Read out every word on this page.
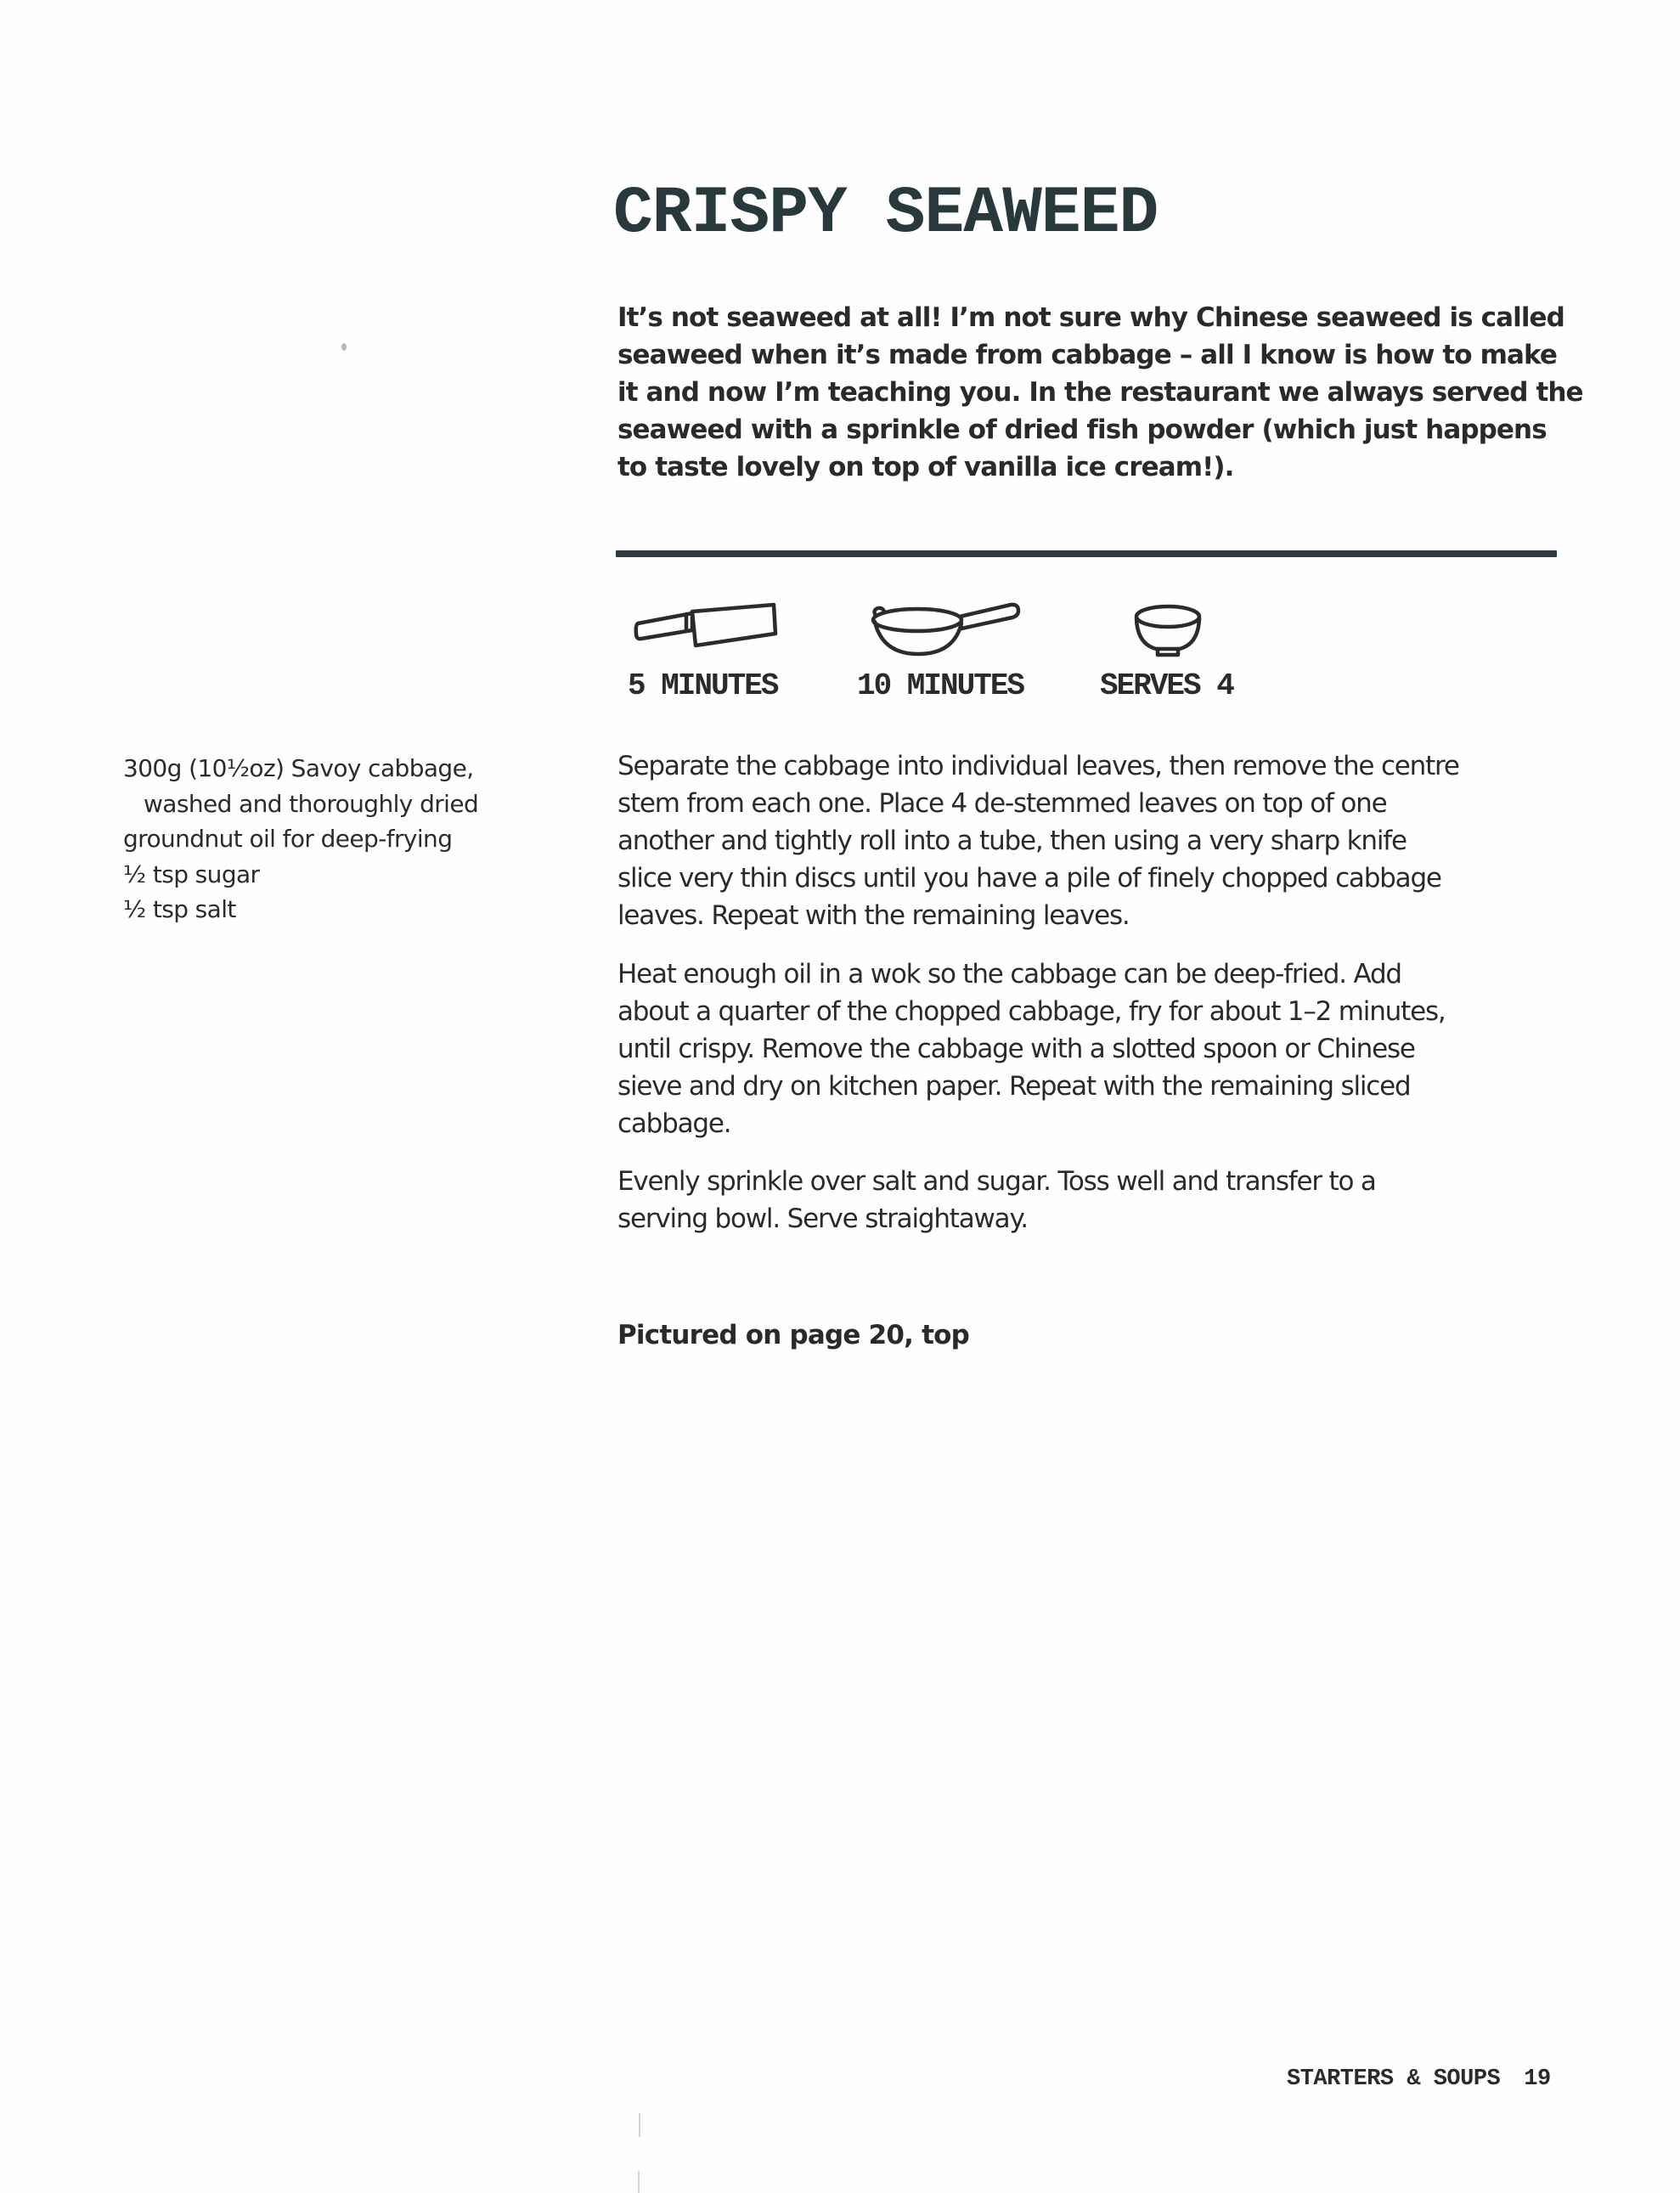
CRISPY SEAWEED
It’s not seaweed at all! I’m not sure why Chinese seaweed is called
seaweed when it’s made from cabbage – all I know is how to make
it and now I’m teaching you. In the restaurant we always served the
seaweed with a sprinkle of dried fish powder (which just happens
to taste lovely on top of vanilla ice cream!).
5 MINUTES	10 MINUTES SERVES 4
300g (10½oz) Savoy cabbage,
washed and thoroughly dried
groundnut oil for deep-frying
½ tsp sugar
½ tsp salt
Separate the cabbage into individual leaves, then remove the centre
stem from each one. Place 4 de-stemmed leaves on top of one
another and tightly roll into a tube, then using a very sharp knife
slice very thin discs until you have a pile of finely chopped cabbage
leaves. Repeat with the remaining leaves.
Heat enough oil in a wok so the cabbage can be deep-fried. Add
about a quarter of the chopped cabbage, fry for about 1–2 minutes,
until crispy. Remove the cabbage with a slotted spoon or Chinese
sieve and dry on kitchen paper. Repeat with the remaining sliced
cabbage.
Evenly sprinkle over salt and sugar. Toss well and transfer to a
serving bowl. Serve straightaway.
Pictured on page 20, top
STARTERS & SOUPS 19
